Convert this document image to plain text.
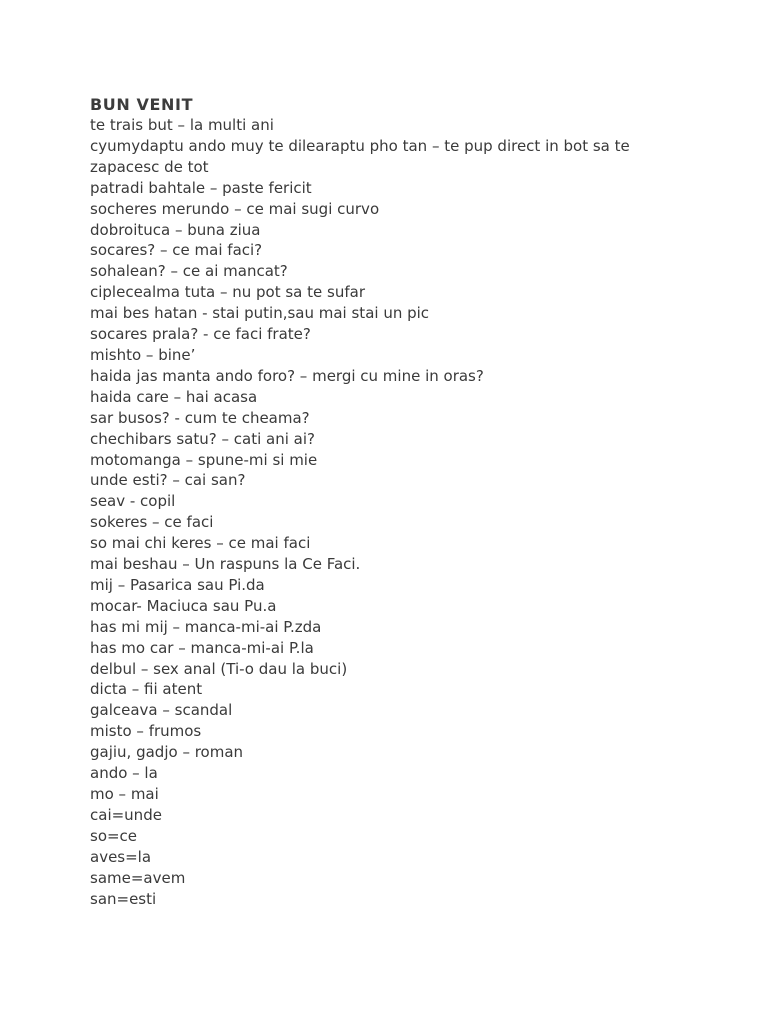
BUN VENIT

te trais but – la multi ani

cyumydaptu ando muy te dilearaptu pho tan – te pup direct in bot sa te zapacesc de tot

patradi bahtale – paste fericit

socheres merundo – ce mai sugi curvo

dobroituca – buna ziua

socares? – ce mai faci?

sohalean? – ce ai mancat?

ciplecealma tuta – nu pot sa te sufar

mai bes hatan - stai putin,sau mai stai un pic

socares prala? - ce faci frate?

mishto – bine’

haida jas manta ando foro? – mergi cu mine in oras?

haida care – hai acasa

sar busos? - cum te cheama?

chechibars satu? – cati ani ai?

motomanga – spune-mi si mie

unde esti? – cai san?

seav - copil

sokeres – ce faci

so mai chi keres – ce mai faci

mai beshau – Un raspuns la Ce Faci.

mij – Pasarica sau Pi.da

mocar- Maciuca sau Pu.a

has mi mij – manca-mi-ai P.zda

has mo car – manca-mi-ai P.la

delbul – sex anal (Ti-o dau la buci)

dicta – fii atent

galceava – scandal

misto – frumos

gajiu, gadjo – roman

ando – la

mo – mai

cai=unde

so=ce

aves=la

same=avem

san=esti
